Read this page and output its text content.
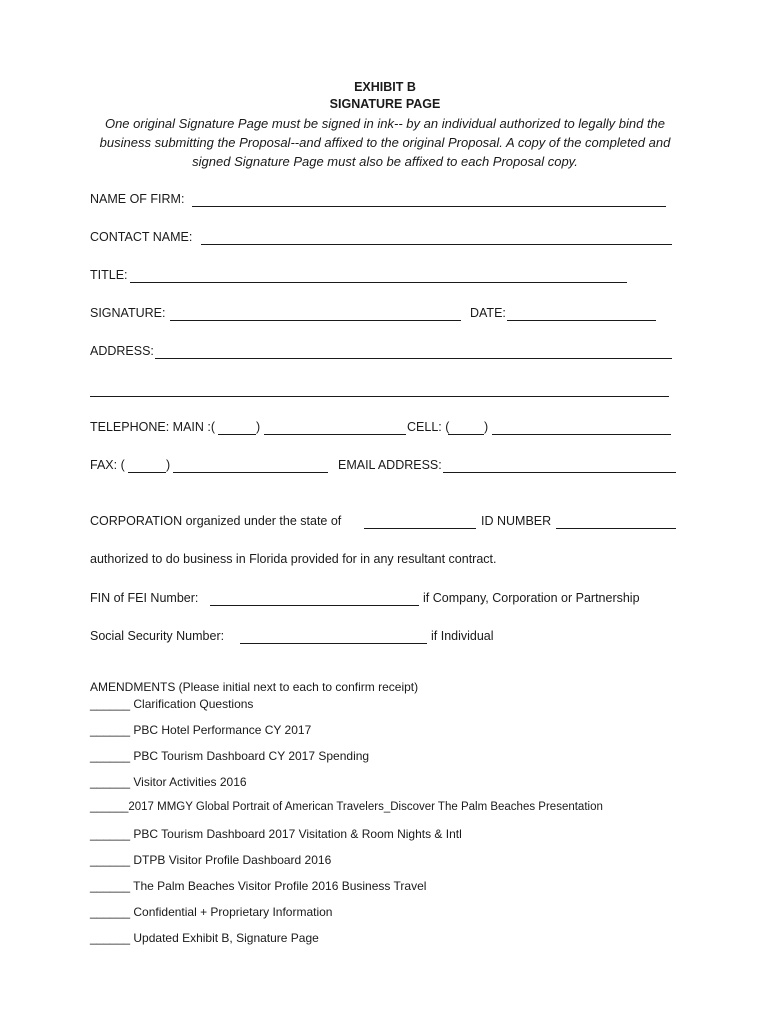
EXHIBIT B
SIGNATURE PAGE
One original Signature Page must be signed in ink-- by an individual authorized to legally bind the business submitting the Proposal--and affixed to the original Proposal. A copy of the completed and signed Signature Page must also be affixed to each Proposal copy.
NAME OF FIRM:
CONTACT NAME:
TITLE:
SIGNATURE:	DATE:
ADDRESS:
TELEPHONE: MAIN :(	)	CELL: (	)
FAX: (	)	EMAIL ADDRESS:
CORPORATION organized under the state of	ID NUMBER
authorized to do business in Florida provided for in any resultant contract.
FIN of FEI Number:	if Company, Corporation or Partnership
Social Security Number:	if Individual
AMENDMENTS (Please initial next to each to confirm receipt)
______ Clarification Questions
______ PBC Hotel Performance CY 2017
______ PBC Tourism Dashboard CY 2017 Spending
______ Visitor Activities 2016
______2017 MMGY Global Portrait of American Travelers_Discover The Palm Beaches Presentation
______ PBC Tourism Dashboard 2017 Visitation & Room Nights & Intl
______ DTPB Visitor Profile Dashboard 2016
______ The Palm Beaches Visitor Profile 2016 Business Travel
______ Confidential + Proprietary Information
______ Updated Exhibit B, Signature Page
